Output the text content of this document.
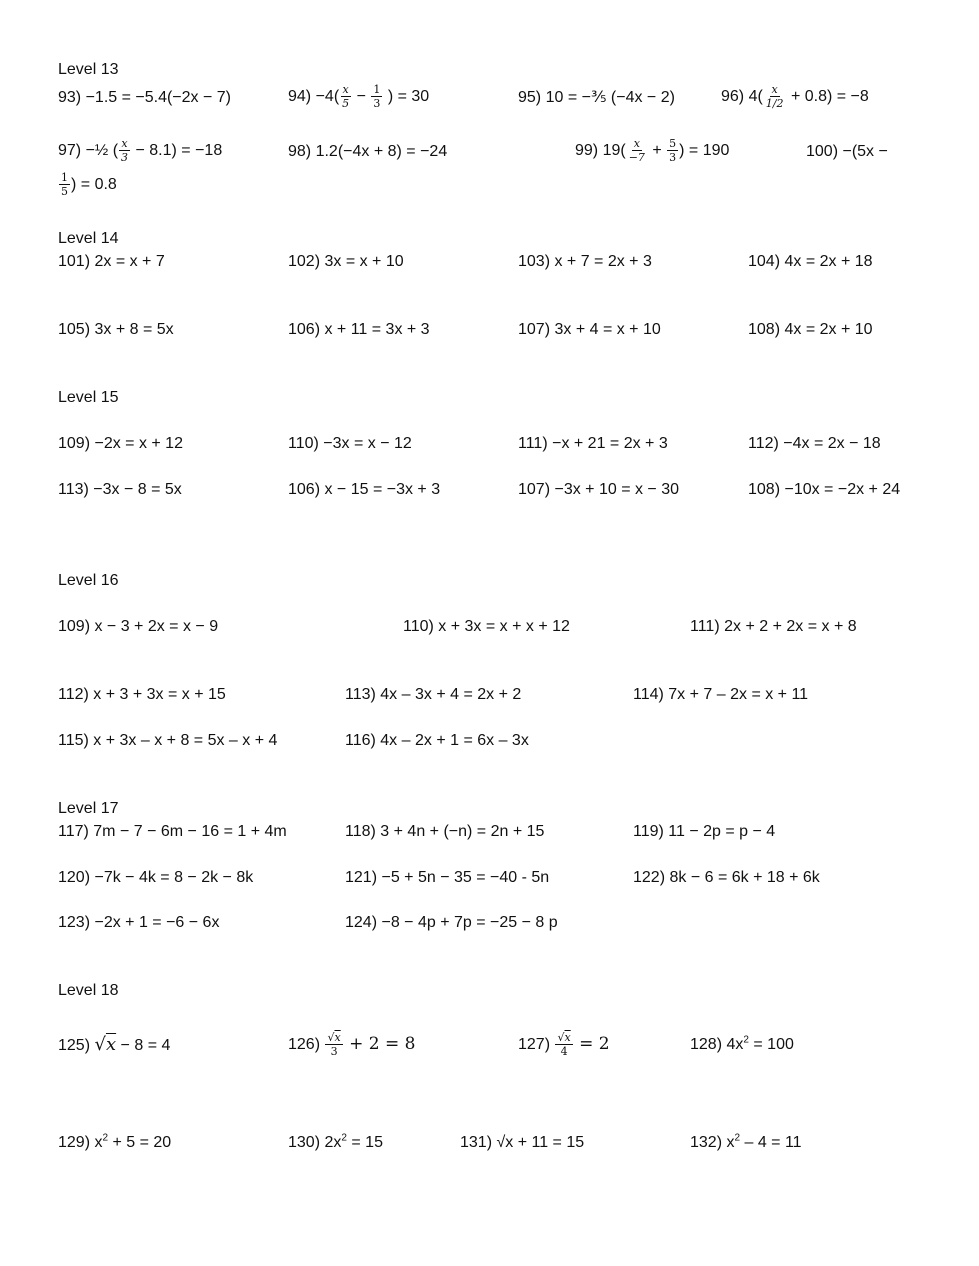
Level 13
93) −1.5 = −5.4(−2x − 7)	$94) -4( \frac{x}{5} - \frac{1}{3}$ ) = 30	95) 10 = −⅗ (−4x − 2)	96) $4( \frac{x}{1/2} + 0.8) = -8$
97) −½ ( $\frac{x}{3} - 8.1) = -18$	98) 1.2(−4x + 8) = −24	99) $19( \frac{x}{-7} + \frac{5}{3}$ ) = 190	100) −(5x −
$\frac{1}{5}$ ) = 0.8
Level 14
101) 2x = x + 7	102) 3x = x + 10	103) x + 7 = 2x + 3	104) 4x = 2x + 18
105) 3x + 8 = 5x	106) x + 11 = 3x + 3	107) 3x + 4 = x + 10	108) 4x = 2x + 10
Level 15
109) −2x = x + 12	110) −3x = x − 12	111) −x + 21 = 2x + 3	112) −4x = 2x − 18
113) −3x − 8 = 5x	106) x − 15 = −3x + 3	107) −3x + 10 = x − 30	108) −10x = −2x + 24
Level 16
109) x − 3 + 2x = x − 9	110) x + 3x = x + x + 12	111) 2x + 2 + 2x = x + 8
112) x + 3 + 3x = x + 15	113) 4x – 3x + 4 = 2x + 2	114) 7x + 7 – 2x = x + 11
115) x + 3x – x + 8 = 5x – x + 4	116) 4x – 2x + 1 = 6x – 3x
Level 17
117) 7m − 7 − 6m − 16 = 1 + 4m	118) 3 + 4n + (−n) = 2n + 15	119) 11 − 2p = p − 4
120) −7k − 4k = 8 − 2k − 8k	121) −5 + 5n − 35 = −40 - 5n	122) 8k − 6 = 6k + 18 + 6k
123) −2x + 1 = −6 − 6x	124) −8 − 4p + 7p = −25 − 8 p
Level 18
125) √x − 8 = 4	$126) \frac{√x}{3} + 2 = 8$	$127) \frac{√x}{4} = 2$	128) $4x^2 = 100$
129) $x^2 + 5 = 20$	130) $2x^2 = 15$	131) √x + 11 = 15	132) $x^2 - 4 = 11$
